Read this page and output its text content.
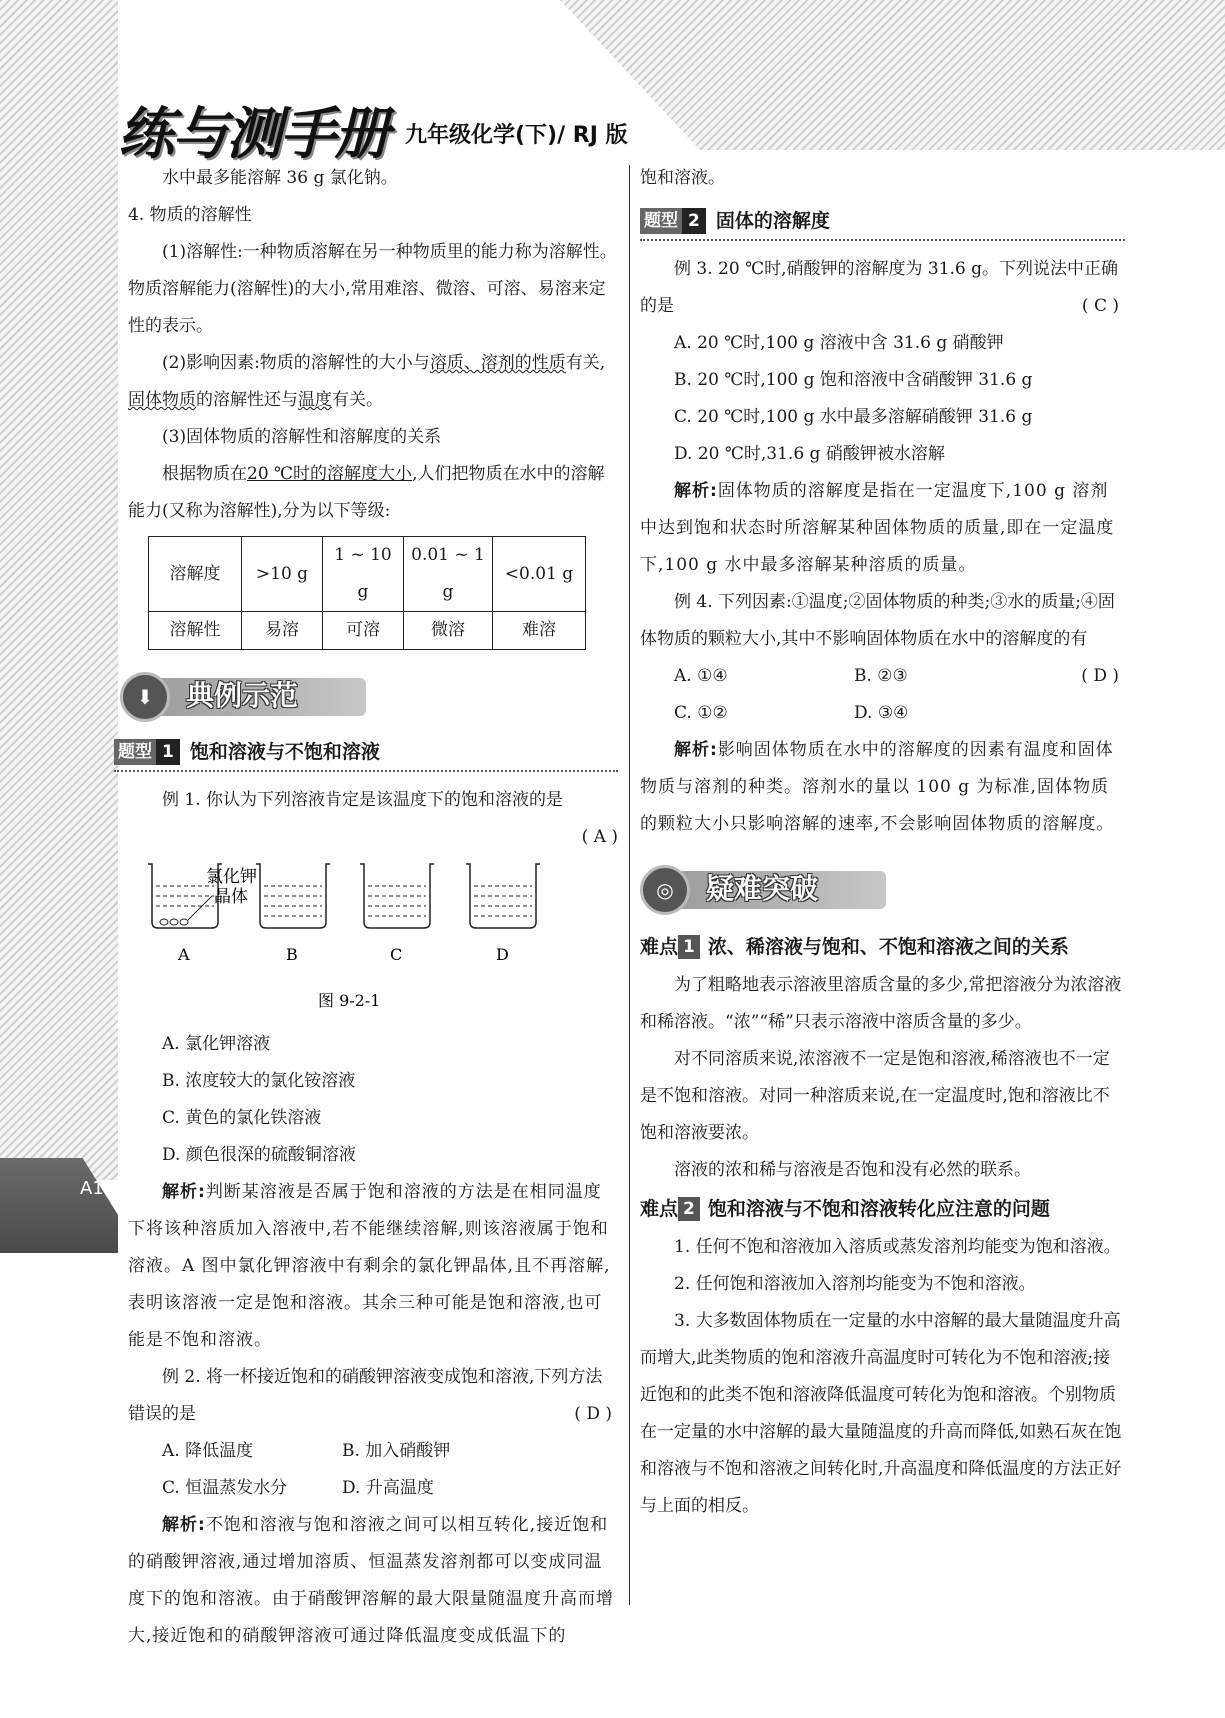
练与测手册 九年级化学(下)/ RJ 版
A14

水中最多能溶解 36 g 氯化钠。

4. 物质的溶解性

(1)溶解性:一种物质溶解在另一种物质里的能力称为溶解性。物质溶解能力(溶解性)的大小,常用难溶、微溶、可溶、易溶来定性的表示。

(2)影响因素:物质的溶解性的大小与溶质、溶剂的性质有关,固体物质的溶解性还与温度有关。

(3)固体物质的溶解性和溶解度的关系

根据物质在20 ℃时的溶解度大小,人们把物质在水中的溶解能力(又称为溶解性),分为以下等级:

溶解度	>10 g	1 ~ 10 g	0.01 ~ 1 g	<0.01 g
溶解性	易溶	可溶	微溶	难溶
⬇	典例示范
题型 1 饱和溶液与不饱和溶液

例 1. 你认为下列溶液肯定是该温度下的饱和溶液的是

( A )

氯化钾
晶体
A	B	C	D
图 9-2-1

A. 氯化钾溶液

B. 浓度较大的氯化铵溶液

C. 黄色的氯化铁溶液

D. 颜色很深的硫酸铜溶液

解析:判断某溶液是否属于饱和溶液的方法是在相同温度下将该种溶质加入溶液中,若不能继续溶解,则该溶液属于饱和溶液。A 图中氯化钾溶液中有剩余的氯化钾晶体,且不再溶解,表明该溶液一定是饱和溶液。其余三种可能是饱和溶液,也可能是不饱和溶液。

例 2. 将一杯接近饱和的硝酸钾溶液变成饱和溶液,下列方法错误的是	( D )

A. 降低温度	B. 加入硝酸钾
C. 恒温蒸发水分	D. 升高温度

解析:不饱和溶液与饱和溶液之间可以相互转化,接近饱和的硝酸钾溶液,通过增加溶质、恒温蒸发溶剂都可以变成同温度下的饱和溶液。由于硝酸钾溶解的最大限量随温度升高而增大,接近饱和的硝酸钾溶液可通过降低温度变成低温下的

饱和溶液。

题型 2 固体的溶解度

例 3. 20 ℃时,硝酸钾的溶解度为 31.6 g。下列说法中正确的是	( C )

A. 20 ℃时,100 g 溶液中含 31.6 g 硝酸钾

B. 20 ℃时,100 g 饱和溶液中含硝酸钾 31.6 g

C. 20 ℃时,100 g 水中最多溶解硝酸钾 31.6 g

D. 20 ℃时,31.6 g 硝酸钾被水溶解

解析:固体物质的溶解度是指在一定温度下,100 g 溶剂中达到饱和状态时所溶解某种固体物质的质量,即在一定温度下,100 g 水中最多溶解某种溶质的质量。

例 4. 下列因素:①温度;②固体物质的种类;③水的质量;④固体物质的颗粒大小,其中不影响固体物质在水中的溶解度的有
( D )

A. ①④	B. ②③
C. ①②	D. ③④

解析:影响固体物质在水中的溶解度的因素有温度和固体物质与溶剂的种类。溶剂水的量以 100 g 为标准,固体物质的颗粒大小只影响溶解的速率,不会影响固体物质的溶解度。

◎	疑难突破
难点 1 浓、稀溶液与饱和、不饱和溶液之间的关系

为了粗略地表示溶液里溶质含量的多少,常把溶液分为浓溶液和稀溶液。“浓”“稀”只表示溶液中溶质含量的多少。

对不同溶质来说,浓溶液不一定是饱和溶液,稀溶液也不一定是不饱和溶液。对同一种溶质来说,在一定温度时,饱和溶液比不饱和溶液要浓。

溶液的浓和稀与溶液是否饱和没有必然的联系。

难点 2 饱和溶液与不饱和溶液转化应注意的问题

1. 任何不饱和溶液加入溶质或蒸发溶剂均能变为饱和溶液。

2. 任何饱和溶液加入溶剂均能变为不饱和溶液。

3. 大多数固体物质在一定量的水中溶解的最大量随温度升高而增大,此类物质的饱和溶液升高温度时可转化为不饱和溶液;接近饱和的此类不饱和溶液降低温度可转化为饱和溶液。个别物质在一定量的水中溶解的最大量随温度的升高而降低,如熟石灰在饱和溶液与不饱和溶液之间转化时,升高温度和降低温度的方法正好与上面的相反。
